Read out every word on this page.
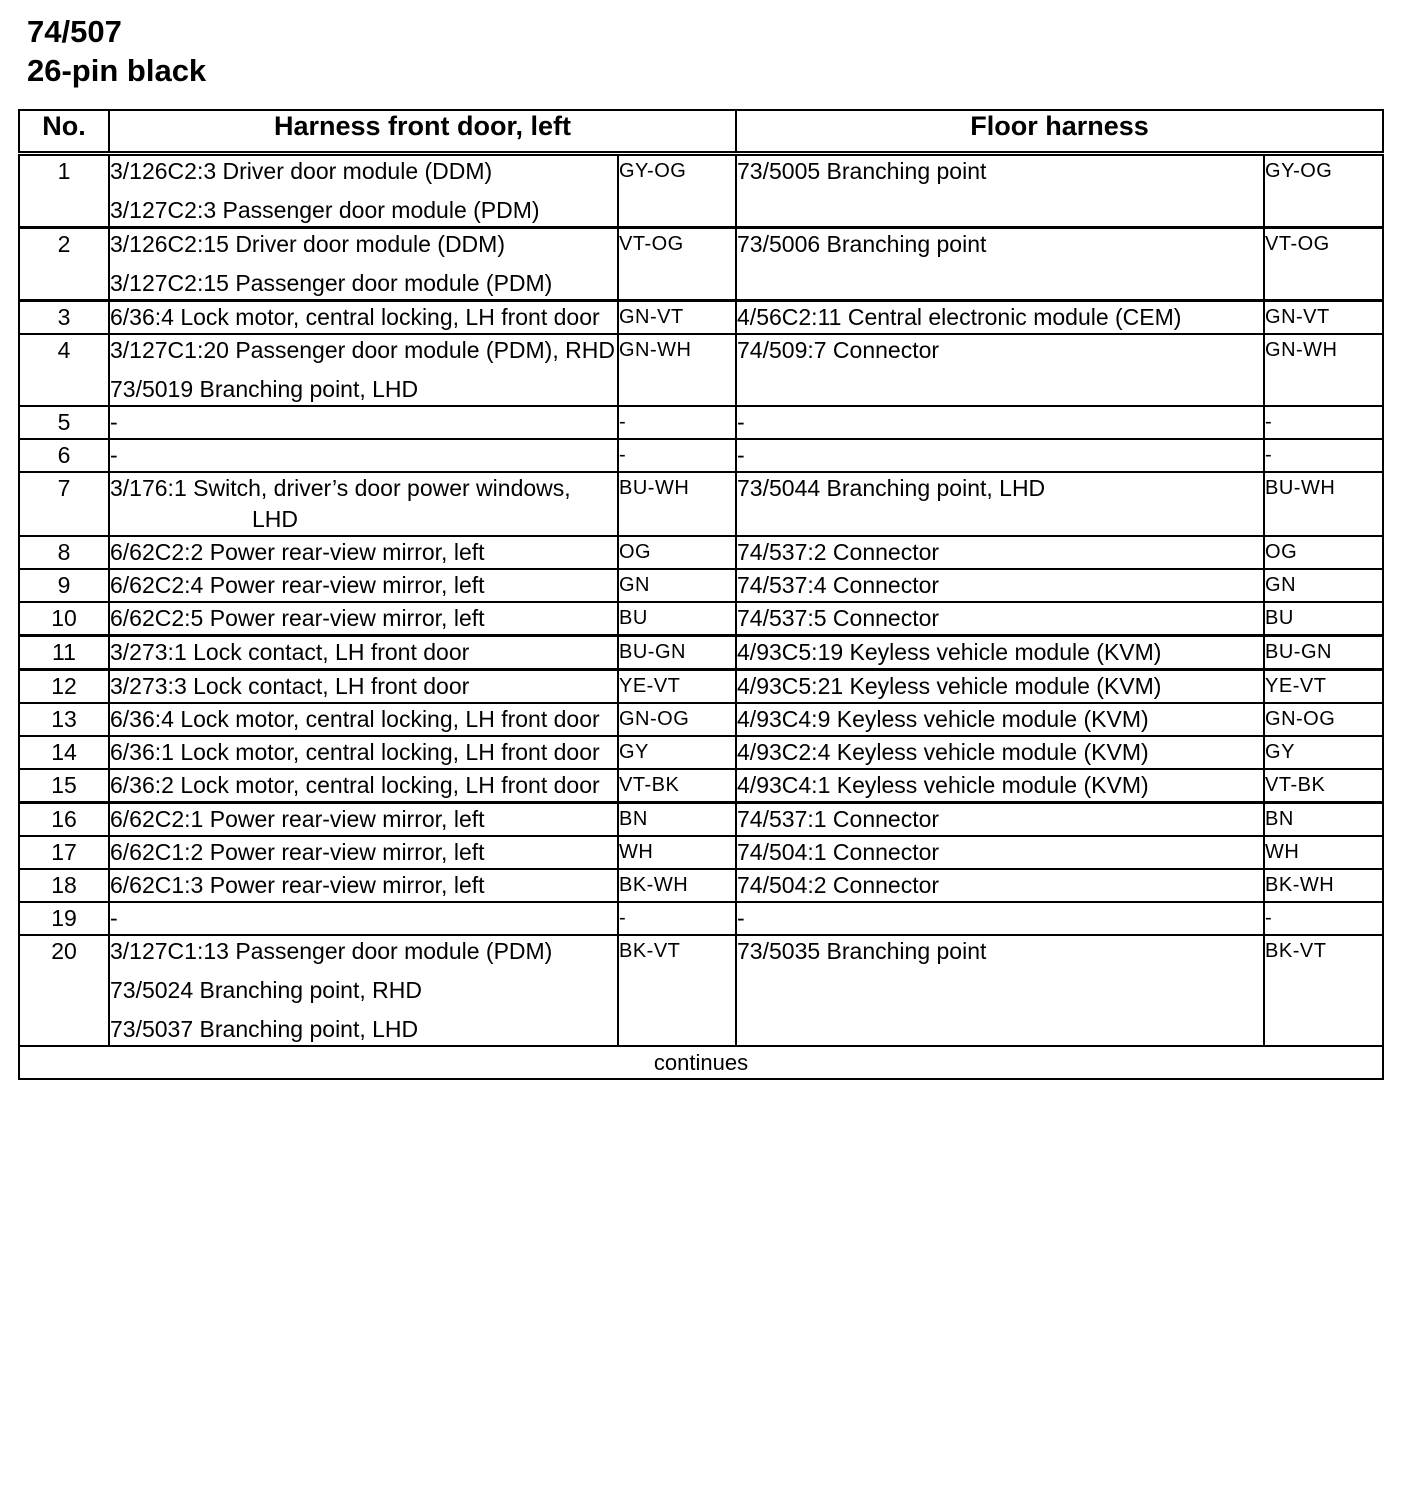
74/507
26-pin black
No.	Harness front door, left		Floor harness	
1	3/126C2:3 Driver door module (DDM)
3/127C2:3 Passenger door module (PDM)	GY-OG	73/5005 Branching point	GY-OG
2	3/126C2:15 Driver door module (DDM)
3/127C2:15 Passenger door module (PDM)	VT-OG	73/5006 Branching point	VT-OG
3	6/36:4 Lock motor, central locking, LH front door	GN-VT	4/56C2:11 Central electronic module (CEM)	GN-VT
4	3/127C1:20 Passenger door module (PDM), RHD
73/5019 Branching point, LHD	GN-WH	74/509:7 Connector	GN-WH
5	-	-	-	-
6	-	-	-	-
7	3/176:1 Switch, driver’s door power windows, LHD	BU-WH	73/5044 Branching point, LHD	BU-WH
8	6/62C2:2 Power rear-view mirror, left	OG	74/537:2 Connector	OG
9	6/62C2:4 Power rear-view mirror, left	GN	74/537:4 Connector	GN
10	6/62C2:5 Power rear-view mirror, left	BU	74/537:5 Connector	BU
11	3/273:1 Lock contact, LH front door	BU-GN	4/93C5:19 Keyless vehicle module (KVM)	BU-GN
12	3/273:3 Lock contact, LH front door	YE-VT	4/93C5:21 Keyless vehicle module (KVM)	YE-VT
13	6/36:4 Lock motor, central locking, LH front door	GN-OG	4/93C4:9 Keyless vehicle module (KVM)	GN-OG
14	6/36:1 Lock motor, central locking, LH front door	GY	4/93C2:4 Keyless vehicle module (KVM)	GY
15	6/36:2 Lock motor, central locking, LH front door	VT-BK	4/93C4:1 Keyless vehicle module (KVM)	VT-BK
16	6/62C2:1 Power rear-view mirror, left	BN	74/537:1 Connector	BN
17	6/62C1:2 Power rear-view mirror, left	WH	74/504:1 Connector	WH
18	6/62C1:3 Power rear-view mirror, left	BK-WH	74/504:2 Connector	BK-WH
19	-	-	-	-
20	3/127C1:13 Passenger door module (PDM)
73/5024 Branching point, RHD
73/5037 Branching point, LHD	BK-VT	73/5035 Branching point	BK-VT
continues				
